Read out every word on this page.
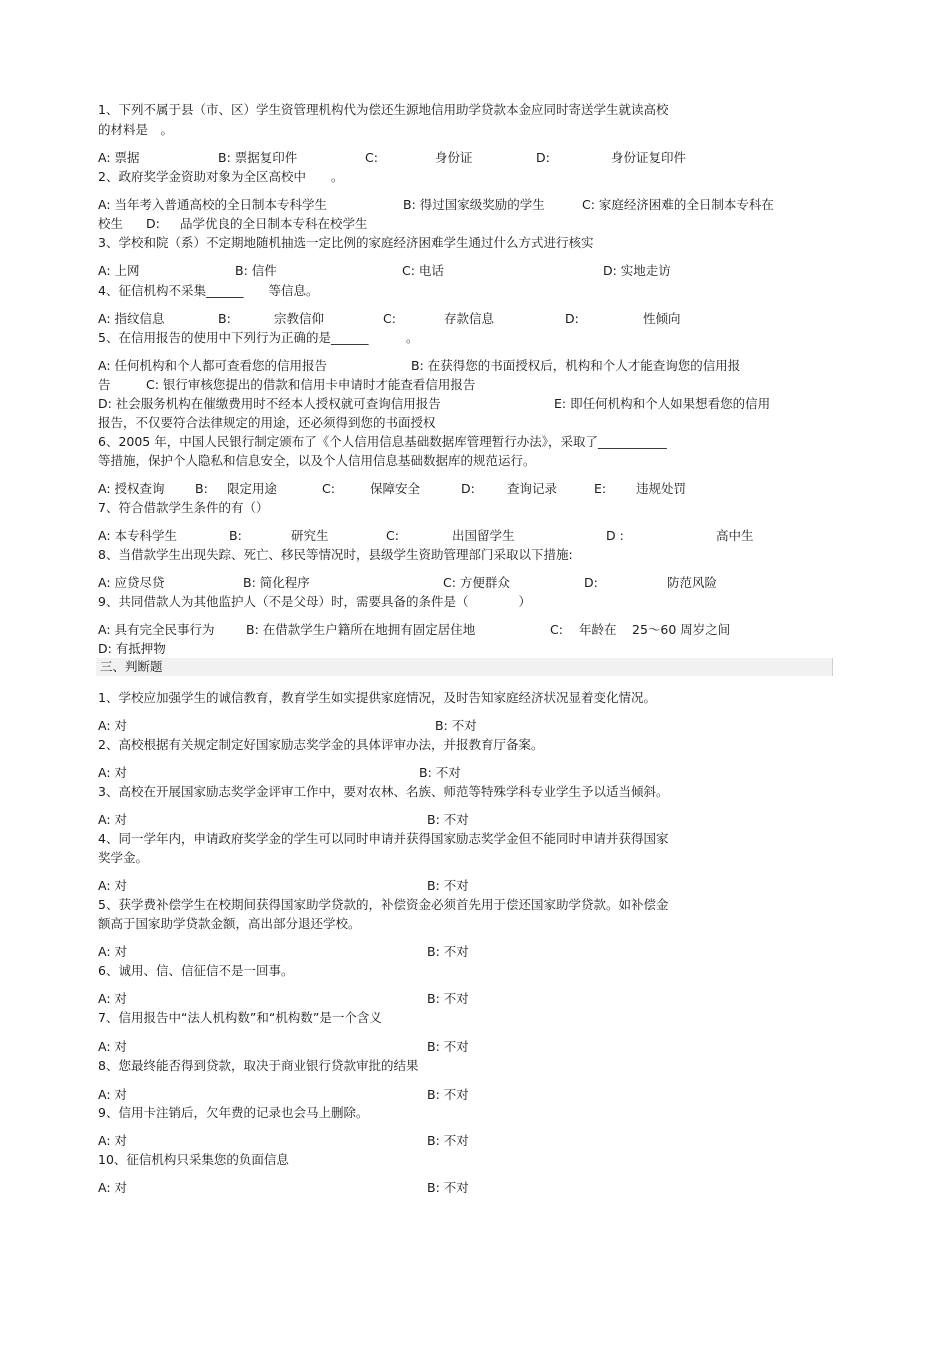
1、下列不属于县（市、区）学生资管理机构代为偿还生源地信用助学贷款本金应同时寄送学生就读高校
的材料是　。
A: 票据	B: 票据复印件	C:	身份证	D:	身份证复印件
2、政府奖学金资助对象为全区高校中　　。
A: 当年考入普通高校的全日制本专科学生	B: 得过国家级奖励的学生	C: 家庭经济困难的全日制本专科在
校生 D: 品学优良的全日制本专科在校学生
3、学校和院（系）不定期地随机抽选一定比例的家庭经济困难学生通过什么方式进行核实
A: 上网	B: 信件	C: 电话	D: 实地走访
4、征信机构不采集______　　等信息。
A: 指纹信息	B:	宗教信仰	C:	存款信息	D:	性倾向
5、在信用报告的使用中下列行为正确的是______　　　。
A: 任何机构和个人都可查看您的信用报告	B: 在获得您的书面授权后，机构和个人才能查询您的信用报
告	C: 银行审核您提出的借款和信用卡申请时才能查看信用报告
D: 社会服务机构在催缴费用时不经本人授权就可查询信用报告	E: 即任何机构和个人如果想看您的信用
报告，不仅要符合法律规定的用途，还必须得到您的书面授权
6、2005 年，中国人民银行制定颁布了《个人信用信息基础数据库管理暂行办法》，采取了___________
等措施，保护个人隐私和信息安全，以及个人信用信息基础数据库的规范运行。
A: 授权查询 B: 限定用途	C:	保障安全	D:	查询记录	E: 违规处罚
7、符合借款学生条件的有（）
A: 本专科学生	B:	研究生	C:	出国留学生	D :	高中生
8、当借款学生出现失踪、死亡、移民等情况时，县级学生资助管理部门采取以下措施:
A: 应贷尽贷	B: 简化程序	C: 方便群众	D:	防范风险
9、共同借款人为其他监护人（不是父母）时，需要具备的条件是（　　　　）
A: 具有完全民事行为	B: 在借款学生户籍所在地拥有固定居住地	C: 年龄在 25～60 周岁之间
D: 有抵押物
三、判断题
1、学校应加强学生的诚信教育，教育学生如实提供家庭情况，及时告知家庭经济状况显着变化情况。
A: 对	B: 不对
2、高校根据有关规定制定好国家励志奖学金的具体评审办法，并报教育厅备案。
A: 对	B: 不对
3、高校在开展国家励志奖学金评审工作中，要对农林、名族、师范等特殊学科专业学生予以适当倾斜。
A: 对	B: 不对
4、同一学年内，申请政府奖学金的学生可以同时申请并获得国家励志奖学金但不能同时申请并获得国家
奖学金。
A: 对	B: 不对
5、获学费补偿学生在校期间获得国家助学贷款的，补偿资金必须首先用于偿还国家助学贷款。如补偿金
额高于国家助学贷款金额，高出部分退还学校。
A: 对	B: 不对
6、诚用、信、信征信不是一回事。
A: 对	B: 不对
7、信用报告中“法人机构数”和“机构数”是一个含义
A: 对	B: 不对
8、您最终能否得到贷款，取决于商业银行贷款审批的结果
A: 对	B: 不对
9、信用卡注销后，欠年费的记录也会马上删除。
A: 对	B: 不对
10、征信机构只采集您的负面信息
A: 对	B: 不对
